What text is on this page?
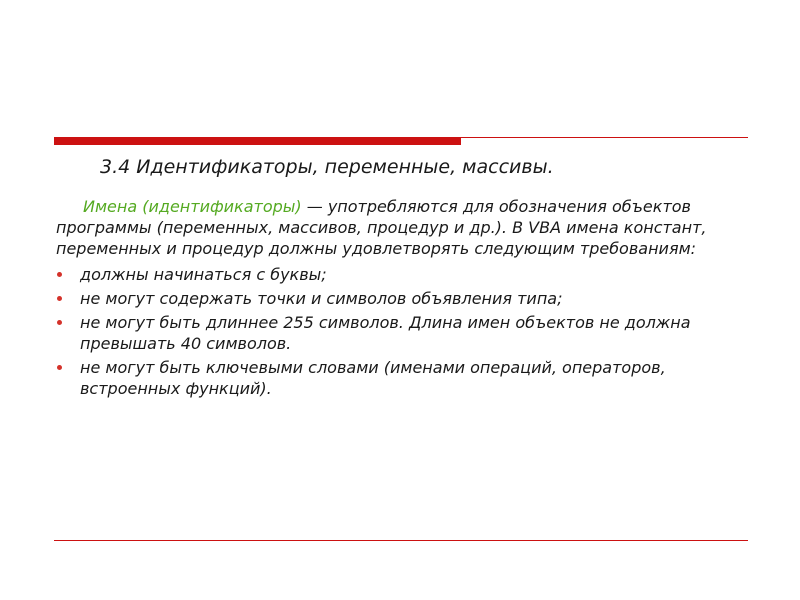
3.4 Идентификаторы, переменные, массивы.

Имена (идентификаторы) — употребляются для обозначения объектов программы (переменных, массивов, процедур и др.). В VBA имена констант, переменных и процедур должны удовлетворять следующим требованиям:

должны начинаться с буквы;
не могут содержать точки и символов объявления типа;
не могут быть длиннее 255 символов. Длина имен объектов не должна превышать 40 символов.
не могут быть ключевыми словами (именами операций, операторов, встроенных функций).
